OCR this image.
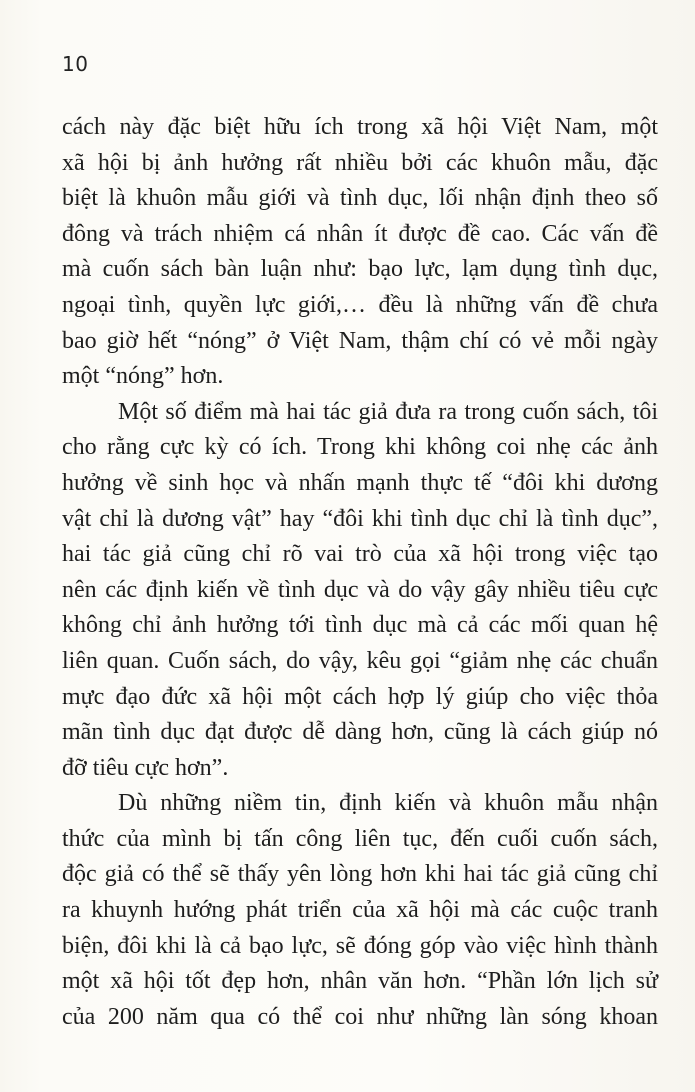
10
cách này đặc biệt hữu ích trong xã hội Việt Nam, một
xã hội bị ảnh hưởng rất nhiều bởi các khuôn mẫu, đặc
biệt là khuôn mẫu giới và tình dục, lối nhận định theo số
đông và trách nhiệm cá nhân ít được đề cao. Các vấn đề
mà cuốn sách bàn luận như: bạo lực, lạm dụng tình dục,
ngoại tình, quyền lực giới,… đều là những vấn đề chưa
bao giờ hết “nóng” ở Việt Nam, thậm chí có vẻ mỗi ngày
một “nóng” hơn.
Một số điểm mà hai tác giả đưa ra trong cuốn sách, tôi
cho rằng cực kỳ có ích. Trong khi không coi nhẹ các ảnh
hưởng về sinh học và nhấn mạnh thực tế “đôi khi dương
vật chỉ là dương vật” hay “đôi khi tình dục chỉ là tình dục”,
hai tác giả cũng chỉ rõ vai trò của xã hội trong việc tạo
nên các định kiến về tình dục và do vậy gây nhiều tiêu cực
không chỉ ảnh hưởng tới tình dục mà cả các mối quan hệ
liên quan. Cuốn sách, do vậy, kêu gọi “giảm nhẹ các chuẩn
mực đạo đức xã hội một cách hợp lý giúp cho việc thỏa
mãn tình dục đạt được dễ dàng hơn, cũng là cách giúp nó
đỡ tiêu cực hơn”.
Dù những niềm tin, định kiến và khuôn mẫu nhận
thức của mình bị tấn công liên tục, đến cuối cuốn sách,
độc giả có thể sẽ thấy yên lòng hơn khi hai tác giả cũng chỉ
ra khuynh hướng phát triển của xã hội mà các cuộc tranh
biện, đôi khi là cả bạo lực, sẽ đóng góp vào việc hình thành
một xã hội tốt đẹp hơn, nhân văn hơn. “Phần lớn lịch sử
của 200 năm qua có thể coi như những làn sóng khoan
